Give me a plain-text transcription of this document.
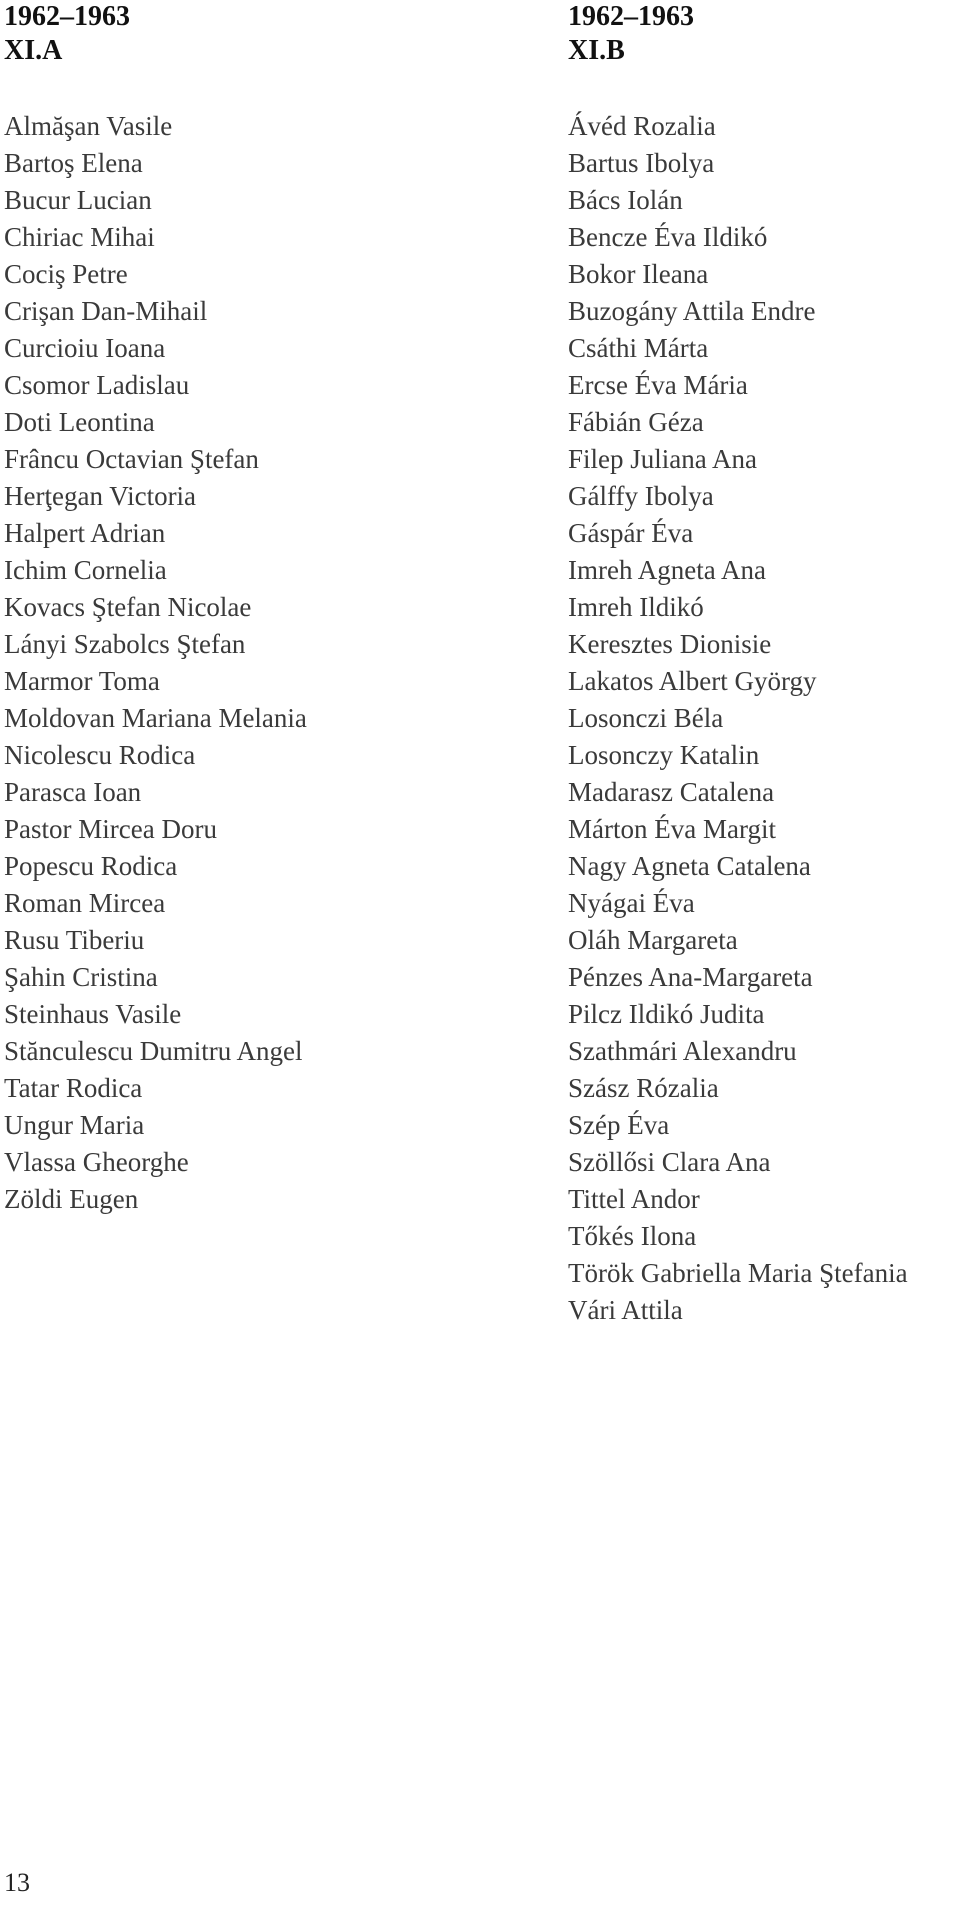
1962–1963
XI.A
Almăşan Vasile
Bartoş Elena
Bucur Lucian
Chiriac Mihai
Cociş Petre
Crişan Dan-Mihail
Curcioiu Ioana
Csomor Ladislau
Doti Leontina
Frâncu Octavian Ştefan
Herţegan Victoria
Halpert Adrian
Ichim Cornelia
Kovacs Ştefan Nicolae
Lányi Szabolcs Ştefan
Marmor Toma
Moldovan Mariana Melania
Nicolescu Rodica
Parasca Ioan
Pastor Mircea Doru
Popescu Rodica
Roman Mircea
Rusu Tiberiu
Şahin Cristina
Steinhaus Vasile
Stănculescu Dumitru Angel
Tatar Rodica
Ungur Maria
Vlassa Gheorghe
Zöldi Eugen
1962–1963
XI.B
Ávéd Rozalia
Bartus Ibolya
Bács Iolán
Bencze Éva Ildikó
Bokor Ileana
Buzogány Attila Endre
Csáthi Márta
Ercse Éva Mária
Fábián Géza
Filep Juliana Ana
Gálffy Ibolya
Gáspár Éva
Imreh Agneta Ana
Imreh Ildikó
Keresztes Dionisie
Lakatos Albert György
Losonczi Béla
Losonczy Katalin
Madarasz Catalena
Márton Éva Margit
Nagy Agneta Catalena
Nyágai Éva
Oláh Margareta
Pénzes Ana-Margareta
Pilcz Ildikó Judita
Szathmári Alexandru
Szász Rózalia
Szép Éva
Szöllősi Clara Ana
Tittel Andor
Tőkés Ilona
Török Gabriella Maria Ştefania
Vári Attila
13
